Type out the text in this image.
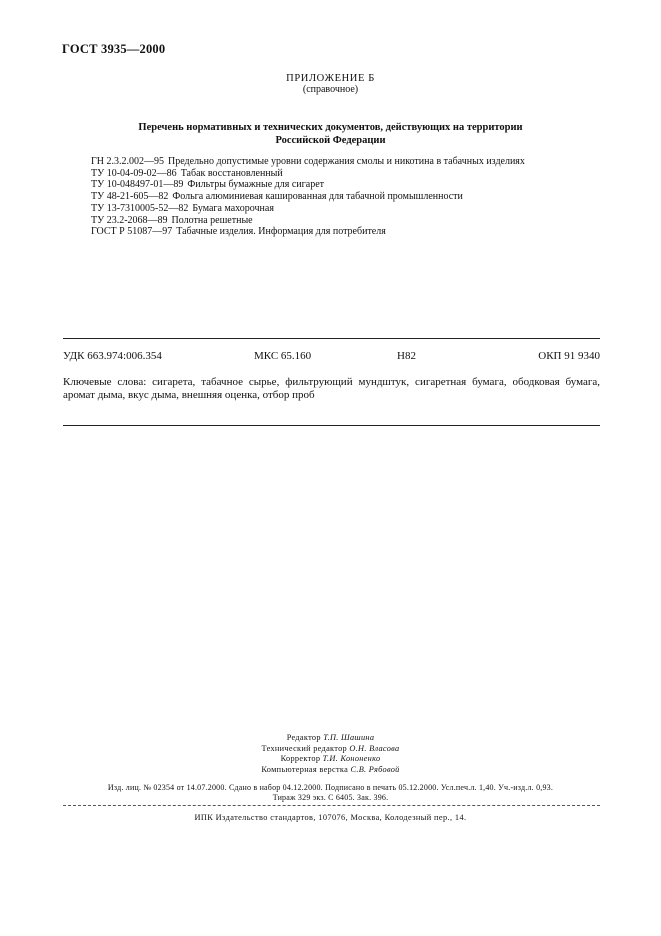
ГОСТ 3935—2000
ПРИЛОЖЕНИЕ Б
(справочное)
Перечень нормативных и технических документов, действующих на территории
Российской Федерации
ГН 2.3.2.002—95 Предельно допустимые уровни содержания смолы и никотина в табачных изделиях
ТУ 10-04-09-02—86 Табак восстановленный
ТУ 10-048497-01—89 Фильтры бумажные для сигарет
ТУ 48-21-605—82 Фольга алюминиевая кашированная для табачной промышленности
ТУ 13-7310005-52—82 Бумага махорочная
ТУ 23.2-2068—89 Полотна решетные
ГОСТ Р 51087—97 Табачные изделия. Информация для потребителя
УДК 663.974:006.354	МКС 65.160	Н82	ОКП 91 9340
Ключевые слова: сигарета, табачное сырье, фильтрующий мундштук, сигаретная бумага, ободковая бумага, аромат дыма, вкус дыма, внешняя оценка, отбор проб
Редактор Т.П. Шашина
Технический редактор О.Н. Власова
Корректор Т.И. Кононенко
Компьютерная верстка С.В. Рябовой
Изд. лиц. № 02354 от 14.07.2000. Сдано в набор 04.12.2000. Подписано в печать 05.12.2000. Усл.печ.л. 1,40. Уч.-изд.л. 0,93.
Тираж 329 экз. С 6405. Зак. 396.
ИПК Издательство стандартов, 107076, Москва, Колодезный пер., 14.
